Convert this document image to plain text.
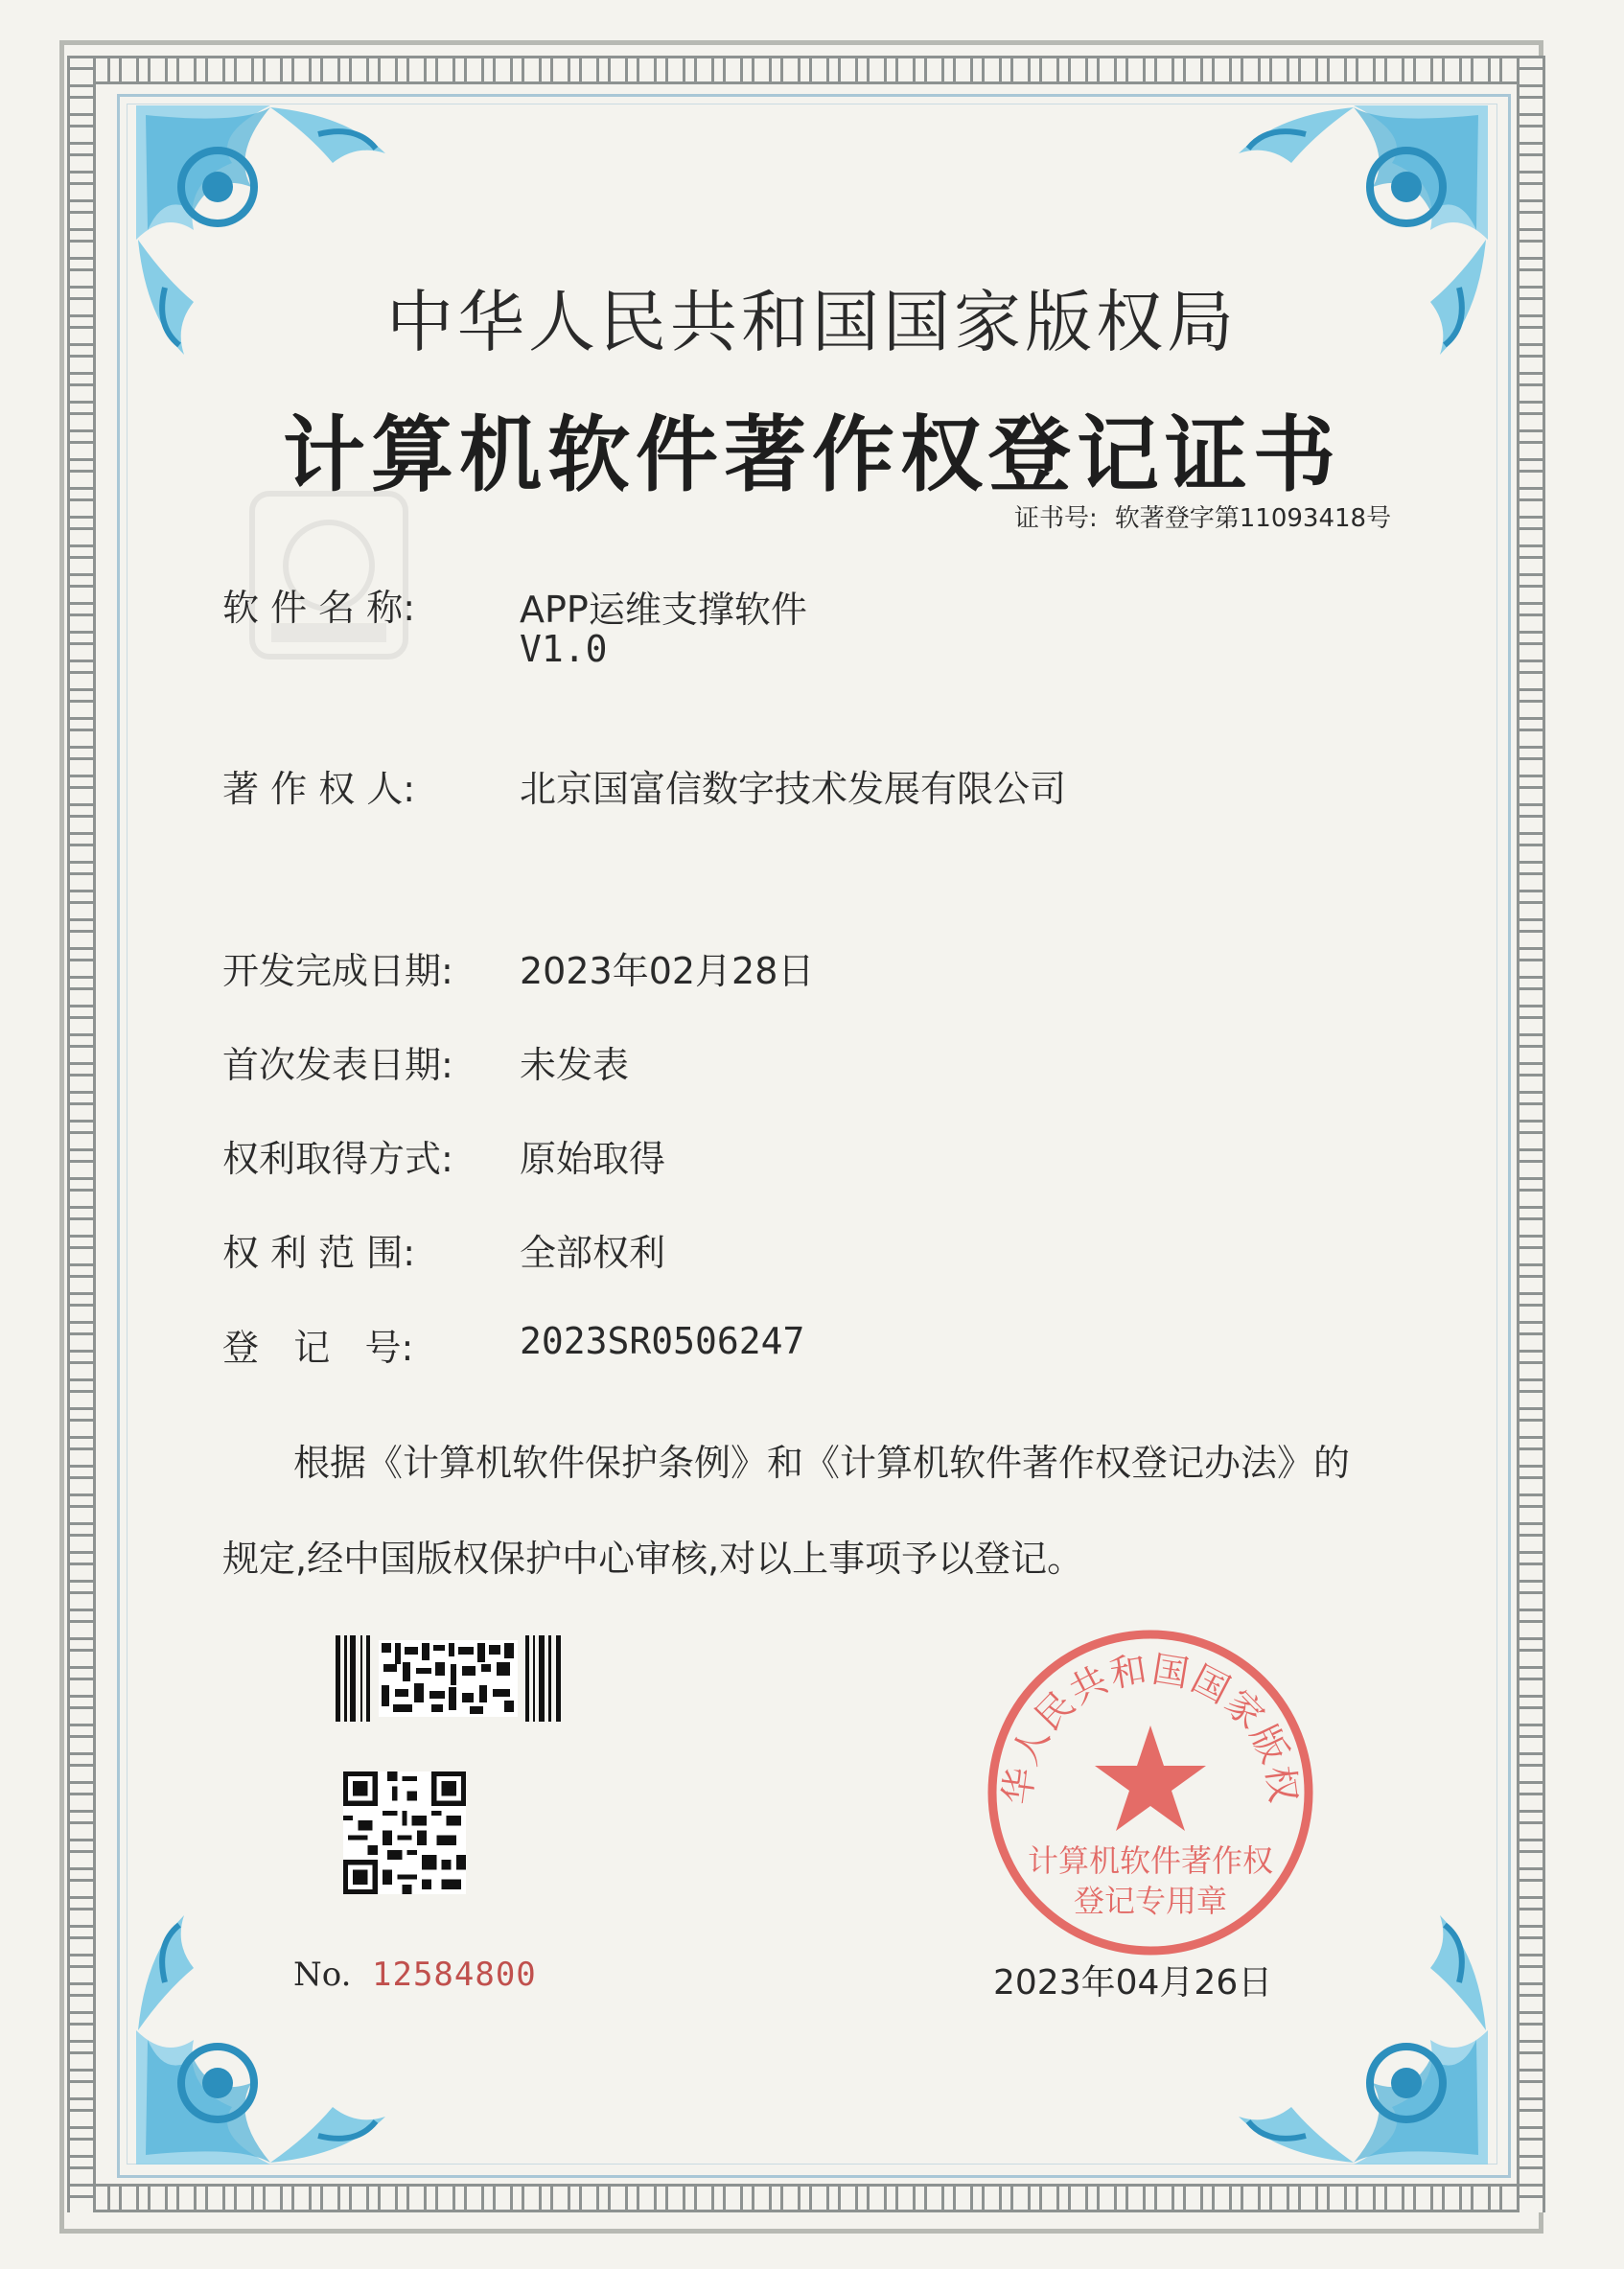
中华人民共和国国家版权局
计算机软件著作权登记证书
证书号: 软著登字第11093418号
软 件 名 称:	APP运维支撑软件
V1.0
著 作 权 人:	北京国富信数字技术发展有限公司
开发完成日期: 2023年02月28日
首次发表日期: 未发表
权利取得方式: 原始取得
权 利 范 围:	全部权利
登   记   号:	2023SR0506247
根据《计算机软件保护条例》和《计算机软件著作权登记办法》的
规定,经中国版权保护中心审核,对以上事项予以登记。
No. 12584800
华人民共和国国家版权
计算机软件著作权
登记专用章
2023年04月26日
